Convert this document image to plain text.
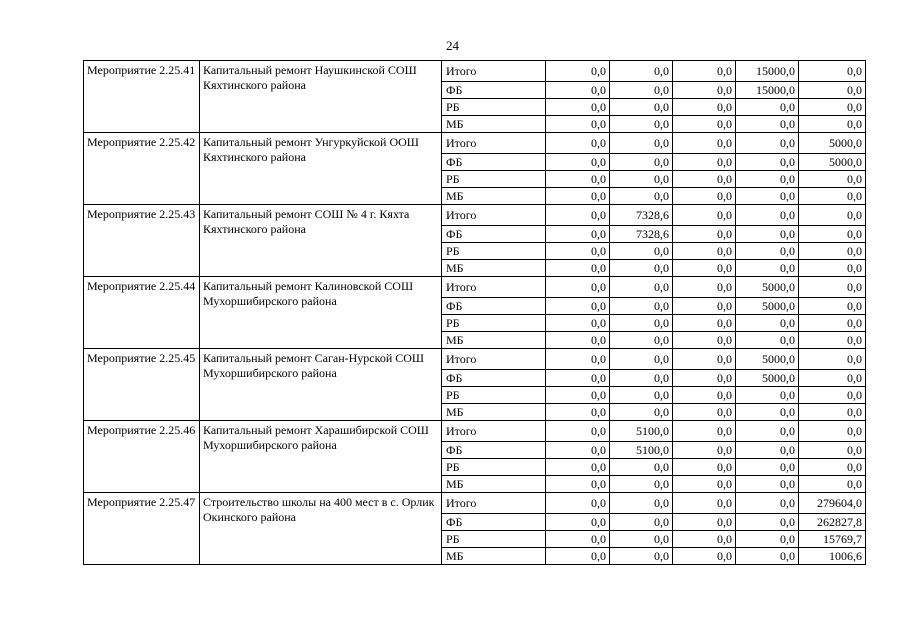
24
Мероприятие 2.25.41	Капитальный ремонт Наушкинской СОШ Кяхтинского района	Итого	0,0	0,0	0,0	15000,0	0,0
		ФБ	0,0	0,0	0,0	15000,0	0,0
		РБ	0,0	0,0	0,0	0,0	0,0
		МБ	0,0	0,0	0,0	0,0	0,0
Мероприятие 2.25.42	Капитальный ремонт Унгуркуйской ООШ Кяхтинского района	Итого	0,0	0,0	0,0	0,0	5000,0
		ФБ	0,0	0,0	0,0	0,0	5000,0
		РБ	0,0	0,0	0,0	0,0	0,0
		МБ	0,0	0,0	0,0	0,0	0,0
Мероприятие 2.25.43	Капитальный ремонт СОШ № 4 г. Кяхта Кяхтинского района	Итого	0,0	7328,6	0,0	0,0	0,0
		ФБ	0,0	7328,6	0,0	0,0	0,0
		РБ	0,0	0,0	0,0	0,0	0,0
		МБ	0,0	0,0	0,0	0,0	0,0
Мероприятие 2.25.44	Капитальный ремонт Калиновской СОШ Мухоршибирского района	Итого	0,0	0,0	0,0	5000,0	0,0
		ФБ	0,0	0,0	0,0	5000,0	0,0
		РБ	0,0	0,0	0,0	0,0	0,0
		МБ	0,0	0,0	0,0	0,0	0,0
Мероприятие 2.25.45	Капитальный ремонт Саган-Нурской СОШ Мухоршибирского района	Итого	0,0	0,0	0,0	5000,0	0,0
		ФБ	0,0	0,0	0,0	5000,0	0,0
		РБ	0,0	0,0	0,0	0,0	0,0
		МБ	0,0	0,0	0,0	0,0	0,0
Мероприятие 2.25.46	Капитальный ремонт Харашибирской СОШ Мухоршибирского района	Итого	0,0	5100,0	0,0	0,0	0,0
		ФБ	0,0	5100,0	0,0	0,0	0,0
		РБ	0,0	0,0	0,0	0,0	0,0
		МБ	0,0	0,0	0,0	0,0	0,0
Мероприятие 2.25.47	Строительство школы на 400 мест в с. Орлик Окинского района	Итого	0,0	0,0	0,0	0,0	279604,0
		ФБ	0,0	0,0	0,0	0,0	262827,8
		РБ	0,0	0,0	0,0	0,0	15769,7
		МБ	0,0	0,0	0,0	0,0	1006,6
